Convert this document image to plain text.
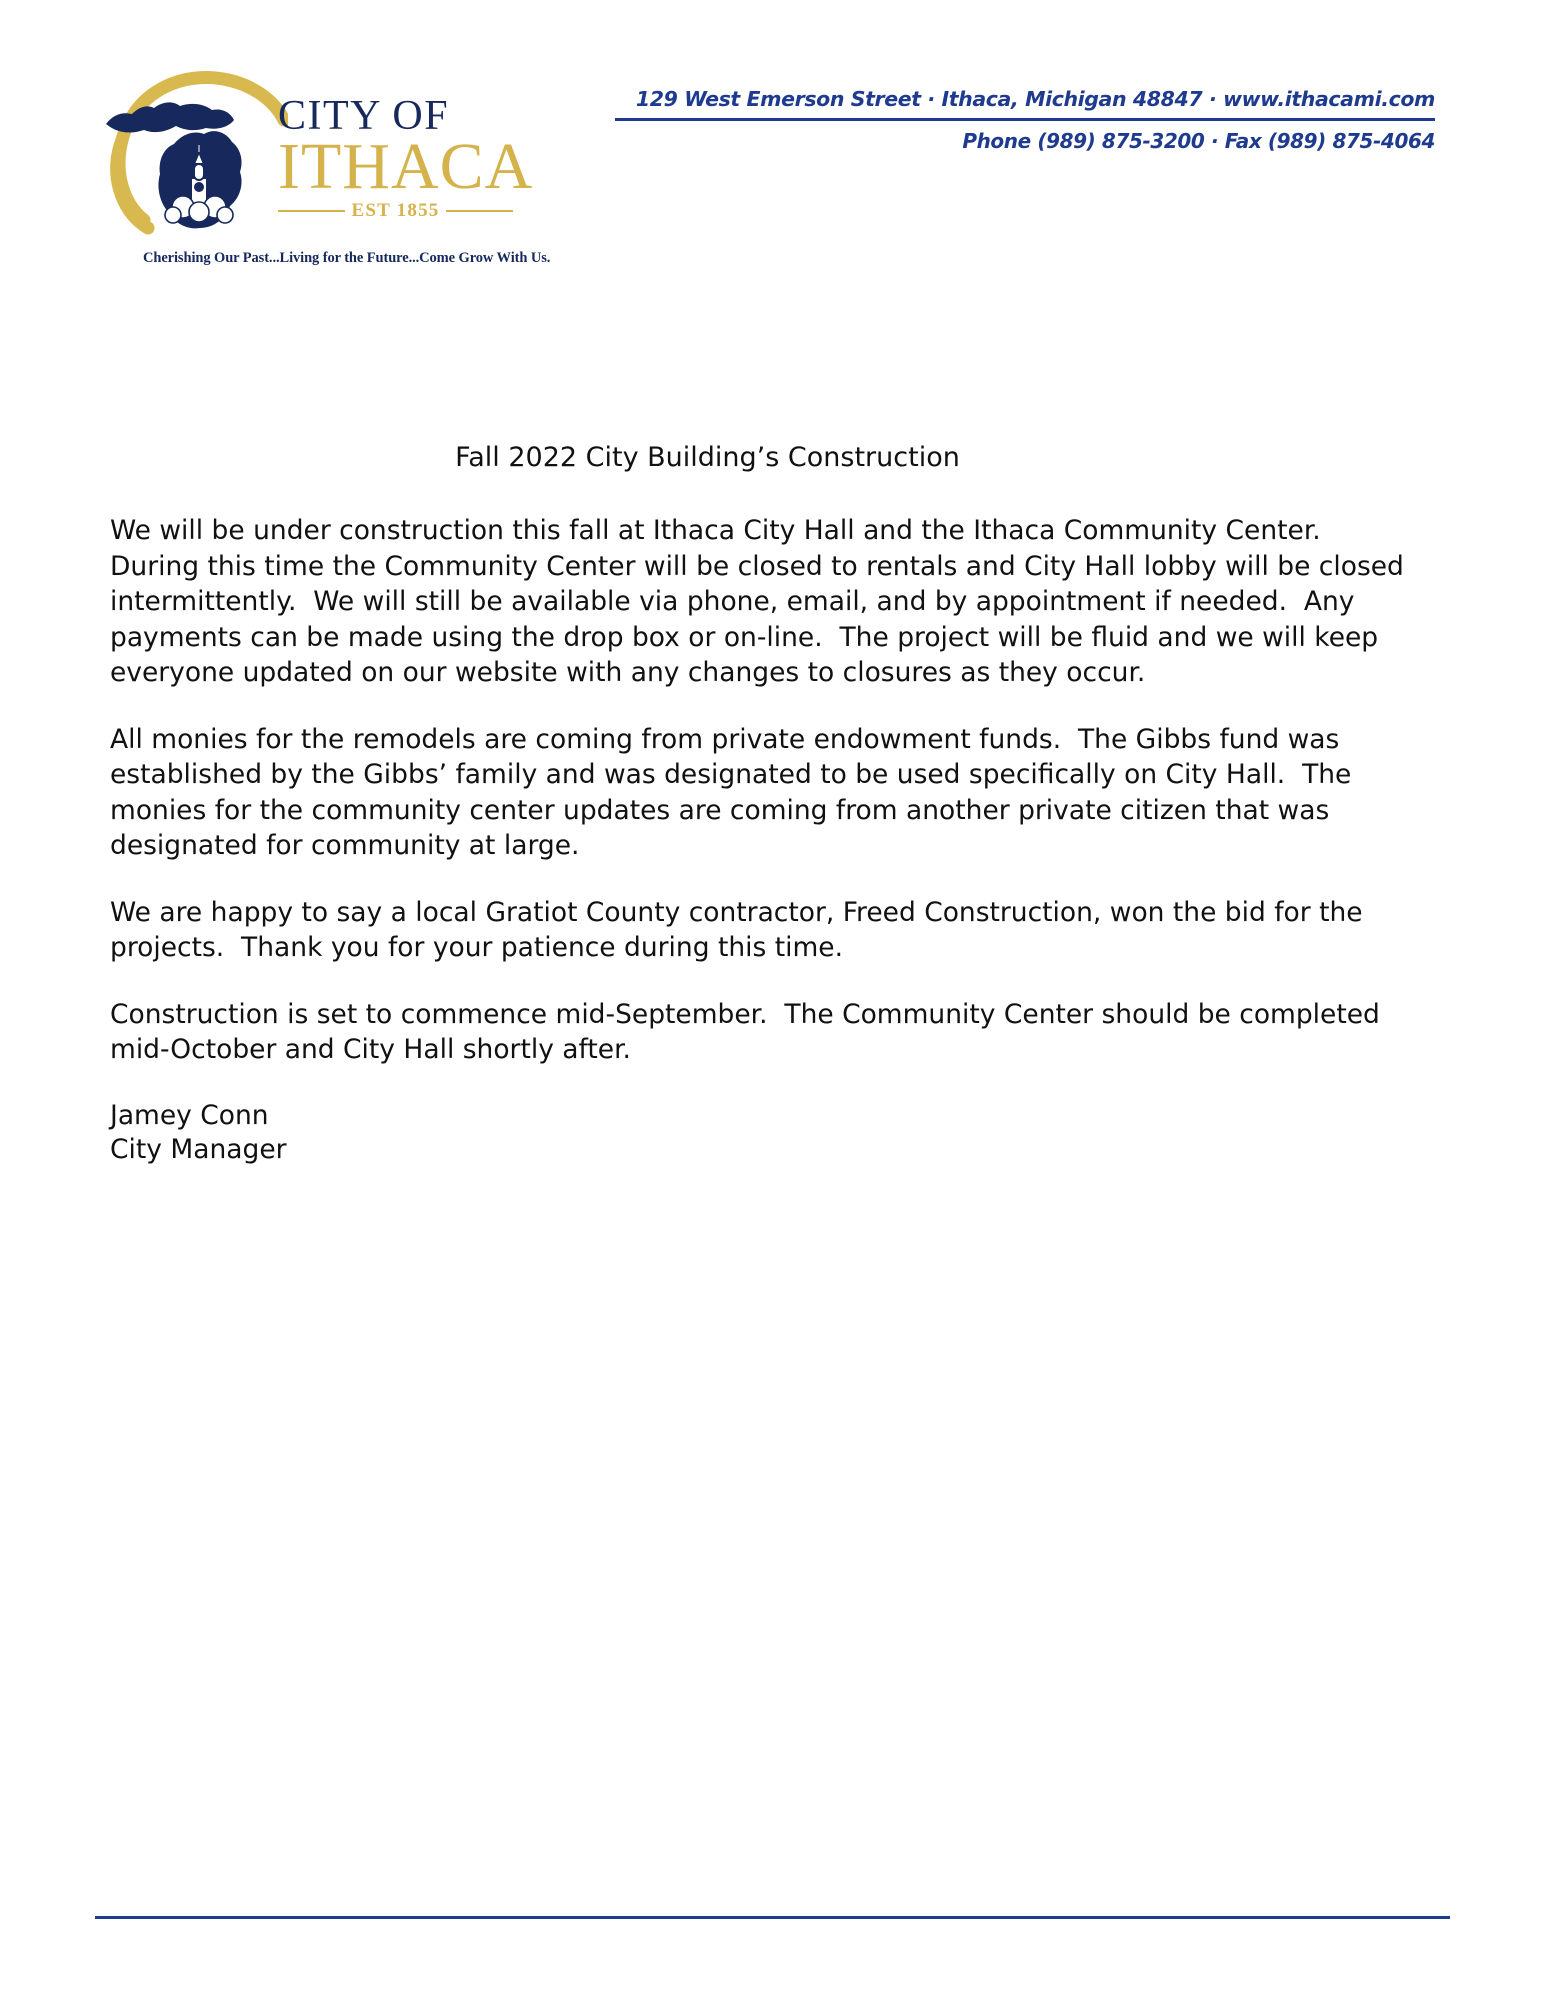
CITY OF
ITHACA
EST 1855
Cherishing Our Past...Living for the Future...Come Grow With Us.
129 West Emerson Street · Ithaca, Michigan 48847 · www.ithacami.com
Phone (989) 875-3200 · Fax (989) 875-4064
Fall 2022 City Building’s Construction

We will be under construction this fall at Ithaca City Hall and the Ithaca Community Center.  During this time the Community Center will be closed to rentals and City Hall lobby will be closed intermittently.  We will still be available via phone, email, and by appointment if needed.  Any payments can be made using the drop box or on-line.  The project will be fluid and we will keep everyone updated on our website with any changes to closures as they occur.

All monies for the remodels are coming from private endowment funds.  The Gibbs fund was established by the Gibbs’ family and was designated to be used specifically on City Hall.  The monies for the community center updates are coming from another private citizen that was designated for community at large.

We are happy to say a local Gratiot County contractor, Freed Construction, won the bid for the projects.  Thank you for your patience during this time.

Construction is set to commence mid-September.  The Community Center should be completed mid-October and City Hall shortly after.

Jamey Conn
City Manager
